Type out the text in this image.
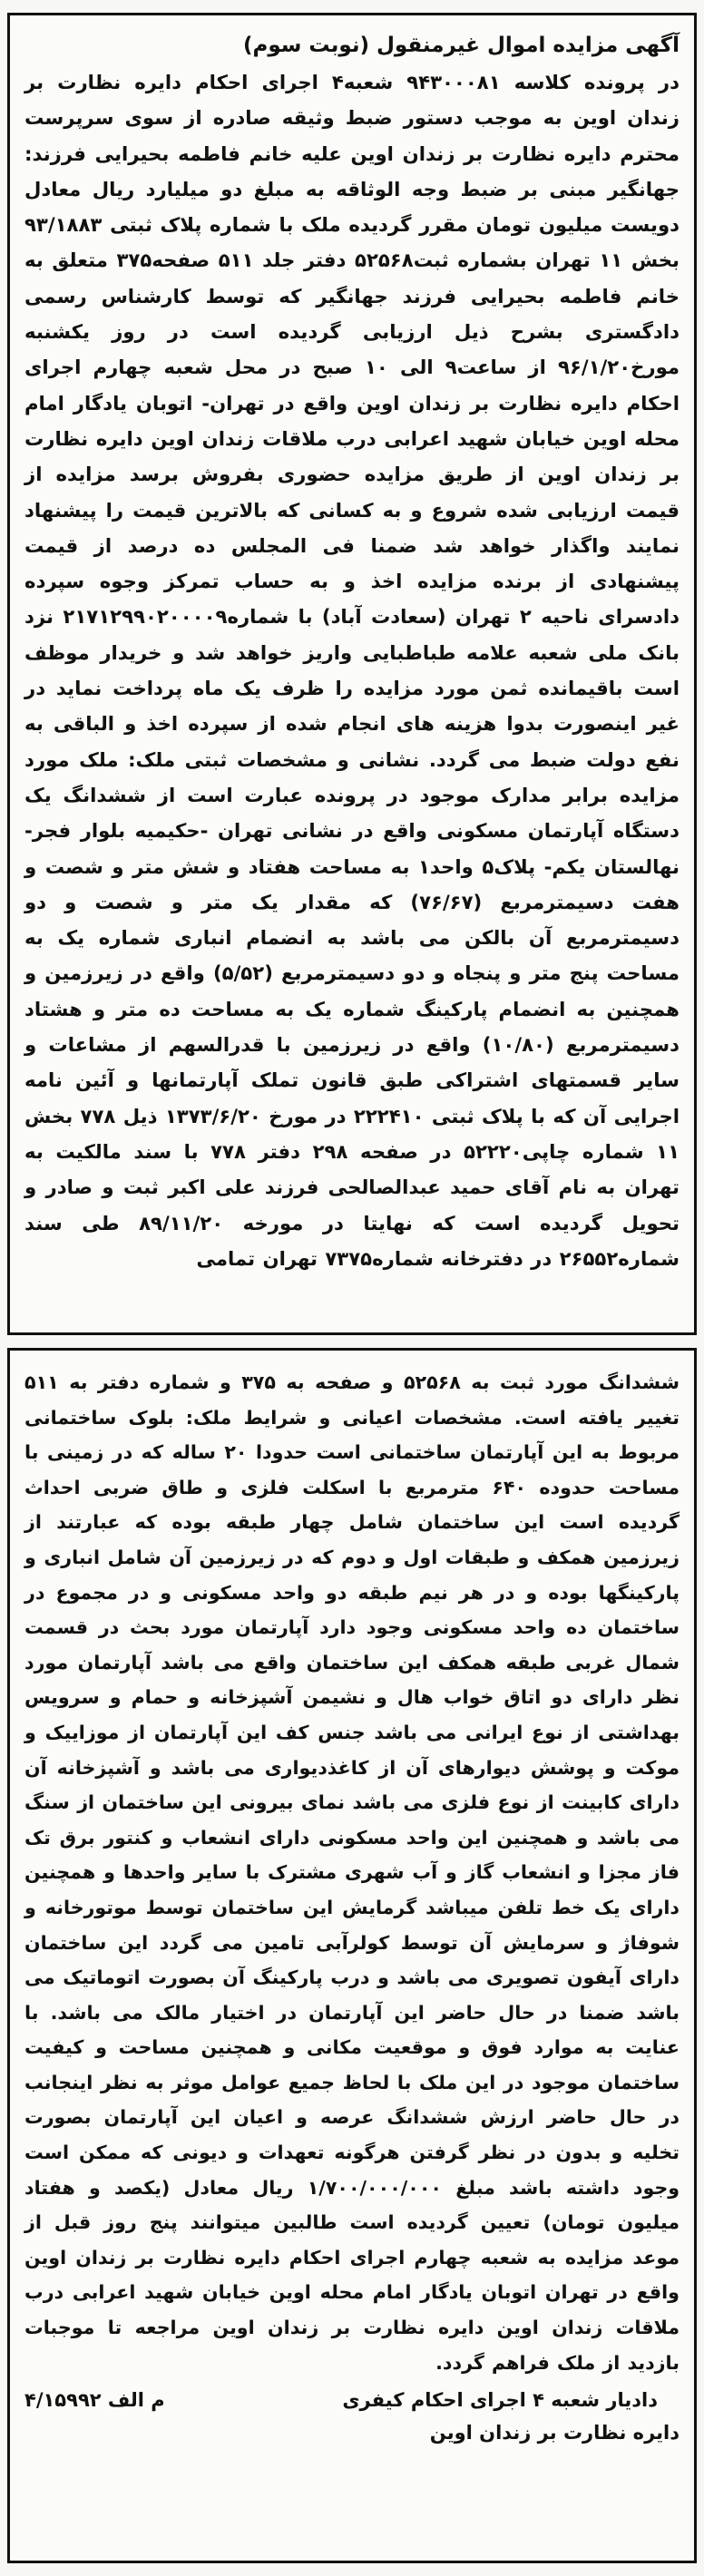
آگهی مزایده اموال غیرمنقول (نوبت سوم)

در پرونده کلاسه ۹۴۳۰۰۰۸۱ شعبه۴ اجرای احکام دایره نظارت بر زندان اوین به موجب دستور ضبط وثیقه صادره از سوی سرپرست محترم دایره نظارت بر زندان اوین علیه خانم فاطمه بحیرایی فرزند: جهانگیر مبنی بر ضبط وجه الوثاقه به مبلغ دو میلیارد ریال معادل دویست میلیون تومان مقرر گردیده ملک با شماره پلاک ثبتی ۹۳/۱۸۸۳ بخش ۱۱ تهران بشماره ثبت۵۲۵۶۸ دفتر جلد ۵۱۱ صفحه۳۷۵ متعلق به خانم فاطمه بحیرایی فرزند جهانگیر که توسط کارشناس رسمی دادگستری بشرح ذیل ارزیابی گردیده است در روز یکشنبه مورخ۹۶/۱/۲۰ از ساعت۹ الی ۱۰ صبح در محل شعبه چهارم اجرای احکام دایره نظارت بر زندان اوین واقع در تهران- اتوبان یادگار امام محله اوین خیابان شهید اعرابی درب ملاقات زندان اوین دایره نظارت بر زندان اوین از طریق مزایده حضوری بفروش برسد مزایده از قیمت ارزیابی شده شروع و به کسانی که بالاترین قیمت را پیشنهاد نمایند واگذار خواهد شد ضمنا فی المجلس ده درصد از قیمت پیشنهادی از برنده مزایده اخذ و به حساب تمرکز وجوه سپرده دادسرای ناحیه ۲ تهران (سعادت آباد) با شماره۲۱۷۱۲۹۹۰۲۰۰۰۰۹ نزد بانک ملی شعبه علامه طباطبایی واریز خواهد شد و خریدار موظف است باقیمانده ثمن مورد مزایده را ظرف یک ماه پرداخت نماید در غیر اینصورت بدوا هزینه های انجام شده از سپرده اخذ و الباقی به نفع دولت ضبط می گردد. نشانی و مشخصات ثبتی ملک: ملک مورد مزایده برابر مدارک موجود در پرونده عبارت است از ششدانگ یک دستگاه آپارتمان مسکونی واقع در نشانی تهران -حکیمیه بلوار فجر- نهالستان یکم- پلاک۵ واحد۱ به مساحت هفتاد و شش متر و شصت و هفت دسیمترمربع (۷۶/۶۷) که مقدار یک متر و شصت و دو دسیمترمربع آن بالکن می باشد به انضمام انباری شماره یک به مساحت پنج متر و پنجاه و دو دسیمترمربع (۵/۵۲) واقع در زیرزمین و همچنین به انضمام پارکینگ شماره یک به مساحت ده متر و هشتاد دسیمترمربع (۱۰/۸۰) واقع در زیرزمین با قدرالسهم از مشاعات و سایر قسمتهای اشتراکی طبق قانون تملک آپارتمانها و آئین نامه اجرایی آن که با پلاک ثبتی ۲۲۲۴۱۰ در مورخ ۱۳۷۳/۶/۲۰ ذیل ۷۷۸ بخش ۱۱ شماره چاپی۵۲۲۲۰ در صفحه ۲۹۸ دفتر ۷۷۸ با سند مالکیت به تهران به نام آقای حمید عبدالصالحی فرزند علی اکبر ثبت و صادر و تحویل گردیده است که نهایتا در مورخه ۸۹/۱۱/۲۰ طی سند شماره۲۶۵۵۲ در دفترخانه شماره۷۳۷۵ تهران تمامی

ششدانگ مورد ثبت به ۵۲۵۶۸ و صفحه به ۳۷۵ و شماره دفتر به ۵۱۱ تغییر یافته است. مشخصات اعیانی و شرایط ملک: بلوک ساختمانی مربوط به این آپارتمان ساختمانی است حدودا ۲۰ ساله که در زمینی با مساحت حدوده ۶۴۰ مترمربع با اسکلت فلزی و طاق ضربی احداث گردیده است این ساختمان شامل چهار طبقه بوده که عبارتند از زیرزمین همکف و طبقات اول و دوم که در زیرزمین آن شامل انباری و پارکینگها بوده و در هر نیم طبقه دو واحد مسکونی و در مجموع در ساختمان ده واحد مسکونی وجود دارد آپارتمان مورد بحث در قسمت شمال غربی طبقه همکف این ساختمان واقع می باشد آپارتمان مورد نظر دارای دو اتاق خواب هال و نشیمن آشپزخانه و حمام و سرویس بهداشتی از نوع ایرانی می باشد جنس کف این آپارتمان از موزاییک و موکت و پوشش دیوارهای آن از کاغذدیواری می باشد و آشپزخانه آن دارای کابینت از نوع فلزی می باشد نمای بیرونی این ساختمان از سنگ می باشد و همچنین این واحد مسکونی دارای انشعاب و کنتور برق تک فاز مجزا و انشعاب گاز و آب شهری مشترک با سایر واحدها و همچنین دارای یک خط تلفن میباشد گرمایش این ساختمان توسط موتورخانه و شوفاژ و سرمایش آن توسط کولرآبی تامین می گردد این ساختمان دارای آیفون تصویری می باشد و درب پارکینگ آن بصورت اتوماتیک می باشد ضمنا در حال حاضر این آپارتمان در اختیار مالک می باشد. با عنایت به موارد فوق و موقعیت مکانی و همچنین مساحت و کیفیت ساختمان موجود در این ملک با لحاظ جمیع عوامل موثر به نظر اینجانب در حال حاضر ارزش ششدانگ عرصه و اعیان این آپارتمان بصورت تخلیه و بدون در نظر گرفتن هرگونه تعهدات و دیونی که ممکن است وجود داشته باشد مبلغ ۱/۷۰۰/۰۰۰/۰۰۰ ریال معادل (یکصد و هفتاد میلیون تومان) تعیین گردیده است طالبین میتوانند پنج روز قبل از موعد مزایده به شعبه چهارم اجرای احکام دایره نظارت بر زندان اوین واقع در تهران اتوبان یادگار امام محله اوین خیابان شهید اعرابی درب ملاقات زندان اوین دایره نظارت بر زندان اوین مراجعه تا موجبات بازدید از ملک فراهم گردد.

دادیار شعبه ۴ اجرای احکام کیفری
م الف ۴/۱۵۹۹۲
دایره نظارت بر زندان اوین
